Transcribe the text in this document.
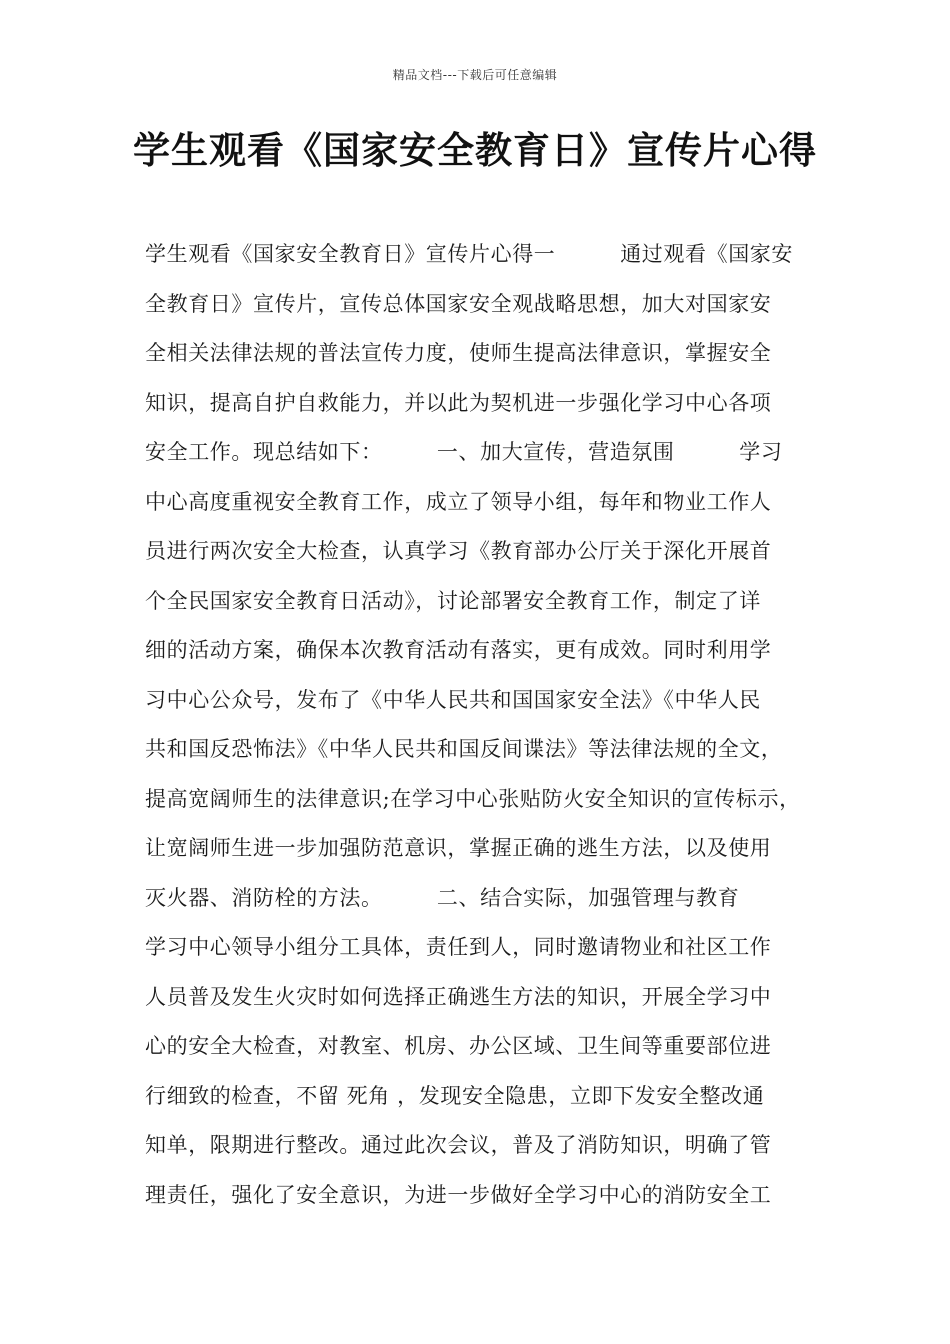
精品文档---下载后可任意编辑
学生观看《国家安全教育日》宣传片心得
学生观看《国家安全教育日》宣传片心得一　　　通过观看《国家安
全教育日》宣传片，宣传总体国家安全观战略思想，加大对国家安
全相关法律法规的普法宣传力度，使师生提高法律意识，掌握安全
知识，提高自护自救能力，并以此为契机进一步强化学习中心各项
安全工作。现总结如下：　　　一、加大宣传，营造氛围　　　学习
中心高度重视安全教育工作，成立了领导小组，每年和物业工作人
员进行两次安全大检查，认真学习《教育部办公厅关于深化开展首
个全民国家安全教育日活动》，讨论部署安全教育工作，制定了详
细的活动方案，确保本次教育活动有落实，更有成效。同时利用学
习中心公众号，发布了《中华人民共和国国家安全法》《中华人民
共和国反恐怖法》《中华人民共和国反间谍法》等法律法规的全文，
提高宽阔师生的法律意识;在学习中心张贴防火安全知识的宣传标示，
让宽阔师生进一步加强防范意识，掌握正确的逃生方法，以及使用
灭火器、消防栓的方法。　　　二、结合实际，加强管理与教育
学习中心领导小组分工具体，责任到人，同时邀请物业和社区工作
人员普及发生火灾时如何选择正确逃生方法的知识，开展全学习中
心的安全大检查，对教室、机房、办公区域、卫生间等重要部位进
行细致的检查，不留 死角 ，发现安全隐患，立即下发安全整改通
知单，限期进行整改。通过此次会议，普及了消防知识，明确了管
理责任，强化了安全意识，为进一步做好全学习中心的消防安全工
